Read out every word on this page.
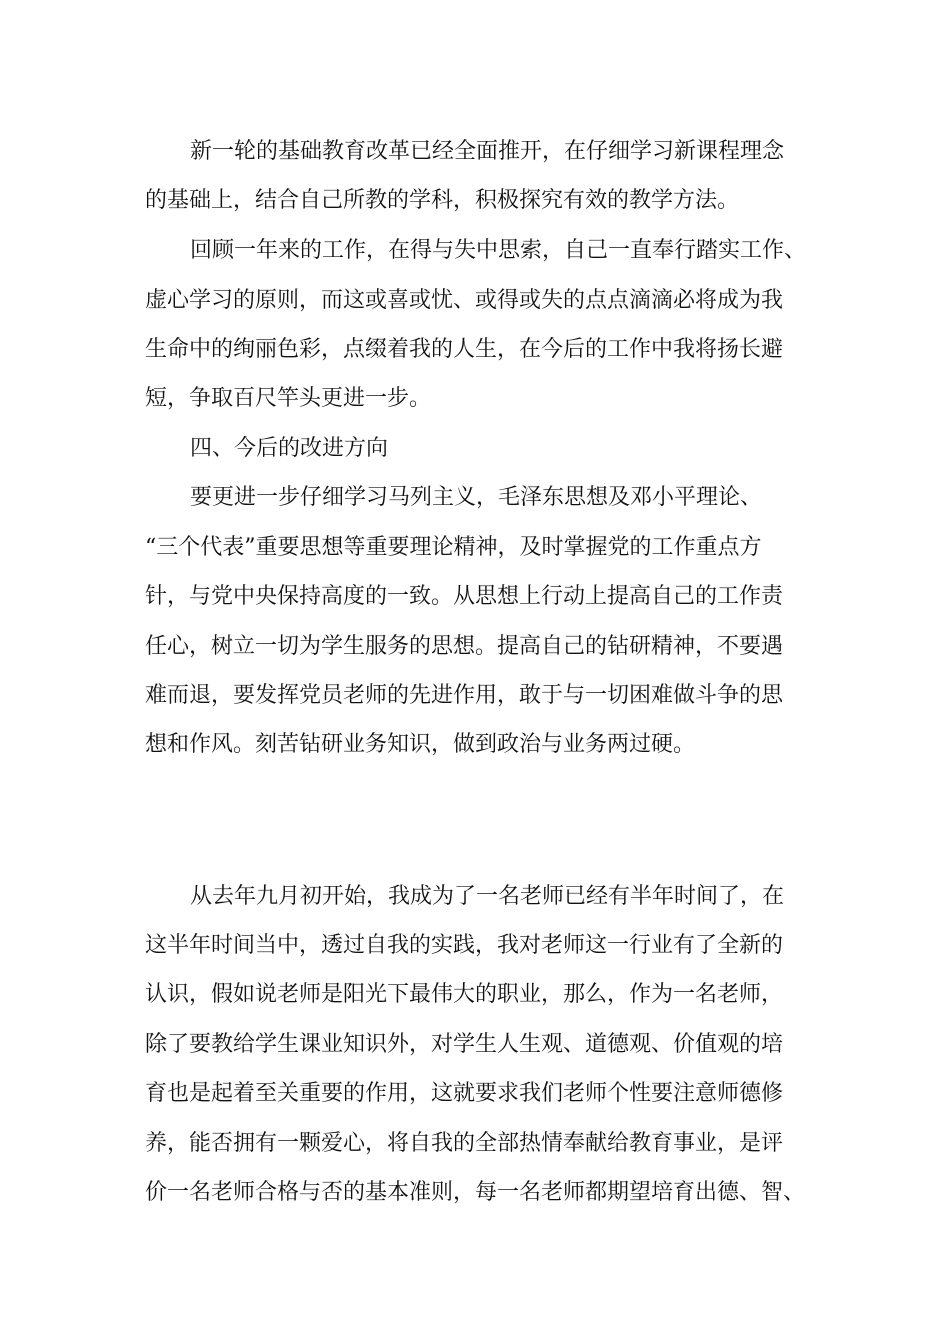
新一轮的基础教育改革已经全面推开，在仔细学习新课程理念
的基础上，结合自己所教的学科，积极探究有效的教学方法。
回顾一年来的工作，在得与失中思索，自己一直奉行踏实工作、
虚心学习的原则，而这或喜或忧、或得或失的点点滴滴必将成为我
生命中的绚丽色彩，点缀着我的人生，在今后的工作中我将扬长避
短，争取百尺竿头更进一步。
四、今后的改进方向
要更进一步仔细学习马列主义，毛泽东思想及邓小平理论、
“三个代表”重要思想等重要理论精神，及时掌握党的工作重点方
针，与党中央保持高度的一致。从思想上行动上提高自己的工作责
任心，树立一切为学生服务的思想。提高自己的钻研精神，不要遇
难而退，要发挥党员老师的先进作用，敢于与一切困难做斗争的思
想和作风。刻苦钻研业务知识，做到政治与业务两过硬。
从去年九月初开始，我成为了一名老师已经有半年时间了，在
这半年时间当中，透过自我的实践，我对老师这一行业有了全新的
认识，假如说老师是阳光下最伟大的职业，那么，作为一名老师，
除了要教给学生课业知识外，对学生人生观、道德观、价值观的培
育也是起着至关重要的作用，这就要求我们老师个性要注意师德修
养，能否拥有一颗爱心，将自我的全部热情奉献给教育事业，是评
价一名老师合格与否的基本准则，每一名老师都期望培育出德、智、
